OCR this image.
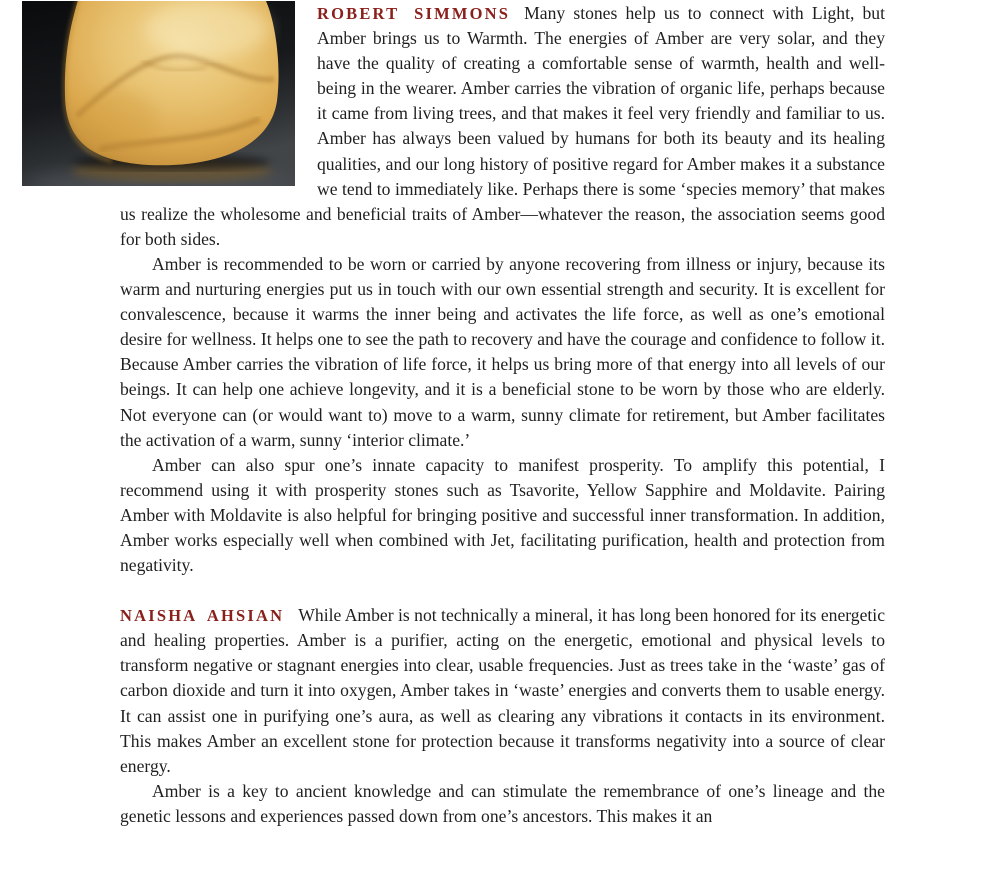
ROBERT SIMMONS Many stones help us to connect with Light, but Amber brings us to Warmth. The energies of Amber are very solar, and they have the quality of creating a comfortable sense of warmth, health and well-being in the wearer. Amber carries the vibration of organic life, perhaps because it came from living trees, and that makes it feel very friendly and familiar to us. Amber has always been valued by humans for both its beauty and its healing qualities, and our long history of positive regard for Amber makes it a substance we tend to immediately like. Perhaps there is some ‘species memory’ that makes us realize the wholesome and beneficial traits of Amber—whatever the reason, the association seems good for both sides.

Amber is recommended to be worn or carried by anyone recovering from illness or injury, because its warm and nurturing energies put us in touch with our own essential strength and security. It is excellent for convalescence, because it warms the inner being and activates the life force, as well as one’s emotional desire for wellness. It helps one to see the path to recovery and have the courage and confidence to follow it. Because Amber carries the vibration of life force, it helps us bring more of that energy into all levels of our beings. It can help one achieve longevity, and it is a beneficial stone to be worn by those who are elderly. Not everyone can (or would want to) move to a warm, sunny climate for retirement, but Amber facilitates the activation of a warm, sunny ‘interior climate.’

Amber can also spur one’s innate capacity to manifest prosperity. To amplify this potential, I recommend using it with prosperity stones such as Tsavorite, Yellow Sapphire and Moldavite. Pairing Amber with Moldavite is also helpful for bringing positive and successful inner transformation. In addition, Amber works especially well when combined with Jet, facilitating purification, health and protection from negativity.

NAISHA AHSIAN While Amber is not technically a mineral, it has long been honored for its energetic and healing properties. Amber is a purifier, acting on the energetic, emotional and physical levels to transform negative or stagnant energies into clear, usable frequencies. Just as trees take in the ‘waste’ gas of carbon dioxide and turn it into oxygen, Amber takes in ‘waste’ energies and converts them to usable energy. It can assist one in purifying one’s aura, as well as clearing any vibrations it contacts in its environment. This makes Amber an excellent stone for protection because it transforms negativity into a source of clear energy.

Amber is a key to ancient knowledge and can stimulate the remembrance of one’s lineage and the genetic lessons and experiences passed down from one’s ancestors. This makes it an
